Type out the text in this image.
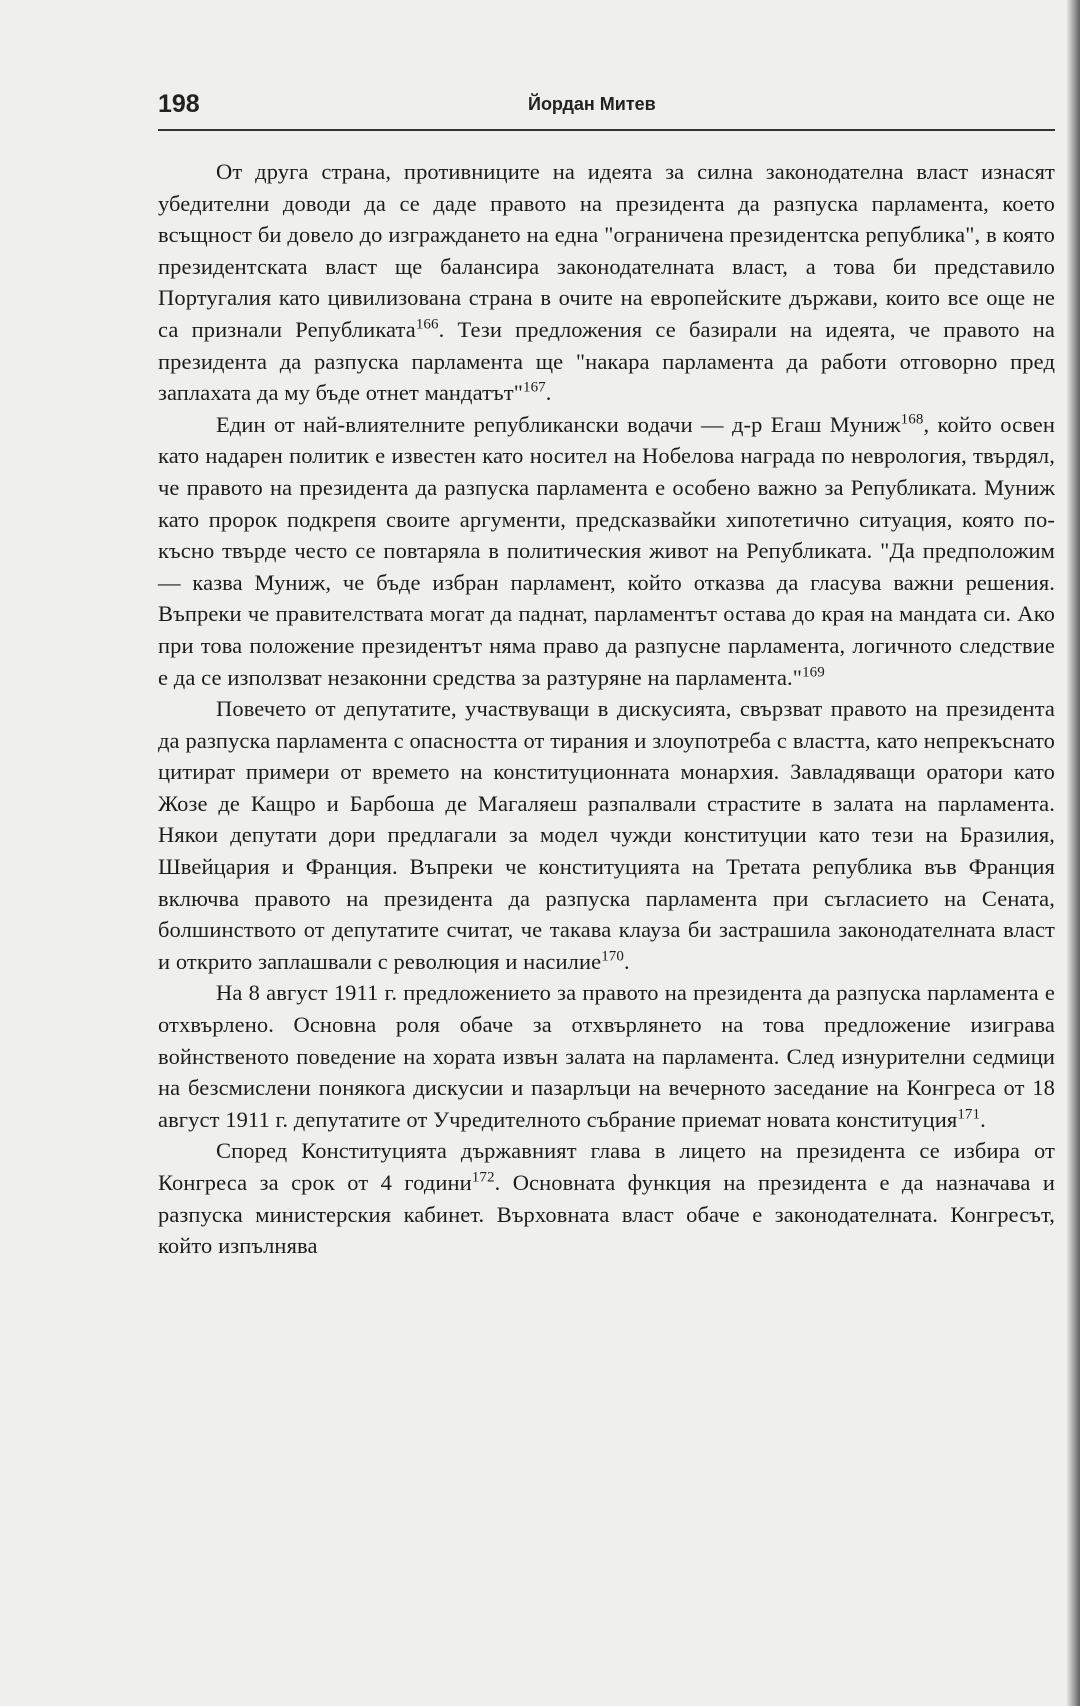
198	Йордан Митев

От друга страна, противниците на идеята за силна законодателна власт изнасят убедителни доводи да се даде правото на президента да разпуска парламента, което всъщност би довело до изграждането на една "ограничена президентска република", в която президентската власт ще балансира законодателната власт, а това би представило Португалия като цивилизована страна в очите на европейските държави, които все още не са признали Републиката$^{166}$. Тези предложения се базирали на идеята, че правото на президента да разпуска парламента ще "накара парламента да работи отговорно пред заплахата да му бъде отнет мандатът"$^{167}$.

Един от най-влиятелните републикански водачи — д-р Егаш Муниж$^{168}$, който освен като надарен политик е известен като носител на Нобелова награда по неврология, твърдял, че правото на президента да разпуска парламента е особено важно за Републиката. Муниж като пророк подкрепя своите аргументи, предсказвайки хипотетично ситуация, която по-късно твърде често се повтаряла в политическия живот на Републиката. "Да предположим — казва Муниж, че бъде избран парламент, който отказва да гласува важни решения. Въпреки че правителствата могат да паднат, парламентът остава до края на мандата си. Ако при това положение президентът няма право да разпусне парламента, логичното следствие е да се използват незаконни средства за разтуряне на парламента."$^{169}$

Повечето от депутатите, участвуващи в дискусията, свързват правото на президента да разпуска парламента с опасността от тирания и злоупотреба с властта, като непрекъснато цитират примери от времето на конституционната монархия. Завладяващи оратори като Жозе де Кащро и Барбоша де Магаляеш разпалвали страстите в залата на парламента. Някои депутати дори предлагали за модел чужди конституции като тези на Бразилия, Швейцария и Франция. Въпреки че конституцията на Третата република във Франция включва правото на президента да разпуска парламента при съгласието на Сената, болшинството от депутатите считат, че такава клауза би застрашила законодателната власт и открито заплашвали с революция и насилие$^{170}$.

На 8 август 1911 г. предложението за правото на президента да разпуска парламента е отхвърлено. Основна роля обаче за отхвърлянето на това предложение изиграва войнственото поведение на хората извън залата на парламента. След изнурителни седмици на безсмислени понякога дискусии и пазарлъци на вечерното заседание на Конгреса от 18 август 1911 г. депутатите от Учредителното събрание приемат новата конституция$^{171}$.

Според Конституцията държавният глава в лицето на президента се избира от Конгреса за срок от 4 години$^{172}$. Основната функция на президента е да назначава и разпуска министерския кабинет. Върховната власт обаче е законодателната. Конгресът, който изпълнява
